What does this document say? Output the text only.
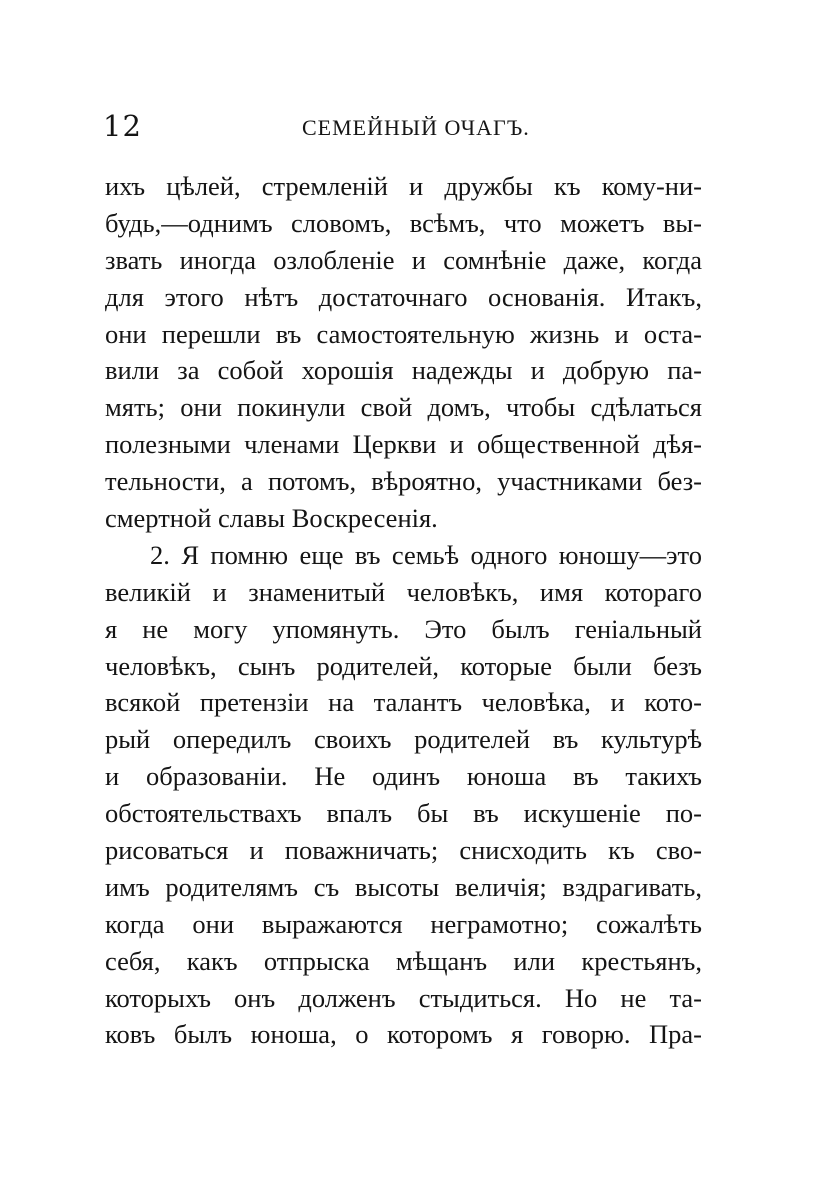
12	СЕМЕЙНЫЙ ОЧАГЪ.
ихъ цѣлей, стремленій и дружбы къ кому-ни-
будь,—однимъ словомъ, всѣмъ, что можетъ вы-
звать иногда озлобленіе и сомнѣніе даже, когда
для этого нѣтъ достаточнаго основанія. Итакъ,
они перешли въ самостоятельную жизнь и оста-
вили за собой хорошія надежды и добрую па-
мять; они покинули свой домъ, чтобы сдѣлаться
полезными членами Церкви и общественной дѣя-
тельности, а потомъ, вѣроятно, участниками без-
смертной славы Воскресенія.
2. Я помню еще въ семьѣ одного юношу—это
великій и знаменитый человѣкъ, имя котораго
я не могу упомянуть. Это былъ геніальный
человѣкъ, сынъ родителей, которые были безъ
всякой претензіи на талантъ человѣка, и кото-
рый опередилъ своихъ родителей въ культурѣ
и образованіи. Не одинъ юноша въ такихъ
обстоятельствахъ впалъ бы въ искушеніе по-
рисоваться и поважничать; снисходить къ сво-
имъ родителямъ съ высоты величія; вздрагивать,
когда они выражаются неграмотно; сожалѣть
себя, какъ отпрыска мѣщанъ или крестьянъ,
которыхъ онъ долженъ стыдиться. Но не та-
ковъ былъ юноша, о которомъ я говорю. Пра-
